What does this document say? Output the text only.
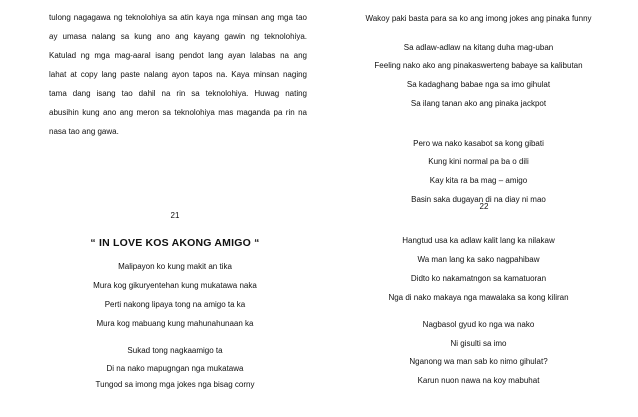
tulong nagagawa ng teknolohiya sa atin kaya nga minsan ang mga tao
ay umasa nalang sa kung ano ang kayang gawin ng teknolohiya.
Katulad ng mga mag-aaral isang pendot lang ayan lalabas na ang
lahat at copy lang paste nalang ayon tapos na. Kaya minsan naging
tama dang isang tao dahil na rin sa teknolohiya. Huwag nating
abusihin kung ano ang meron sa teknolohiya mas maganda pa rin na
nasa tao ang gawa.
21
“ IN LOVE KOS AKONG AMIGO “
Malipayon ko kung makit an tika
Mura kog gikuryentehan kung mukatawa naka
Perti nakong lipaya tong na amigo ta ka
Mura kog mabuang kung mahunahunaan ka
Sukad tong nagkaamigo ta
Di na nako mapugngan nga mukatawa
Tungod sa imong mga jokes nga bisag corny
Wakoy paki basta para sa ko ang imong jokes ang pinaka funny
Sa adlaw-adlaw na kitang duha mag-uban
Feeling nako ako ang pinakaswerteng babaye sa kalibutan
Sa kadaghang babae nga sa imo gihulat
Sa ilang tanan ako ang pinaka jackpot
Pero wa nako kasabot sa kong gibati
Kung kini normal pa ba o dili
Kay kita ra ba mag – amigo
Basin saka dugayan di na diay ni mao
22
Hangtud usa ka adlaw kalit lang ka nilakaw
Wa man lang ka sako nagpahibaw
Didto ko nakamatngon sa kamatuoran
Nga di nako makaya nga mawalaka sa kong kiliran
Nagbasol gyud ko nga wa nako
Ni gisulti sa imo
Nganong wa man sab ko nimo gihulat?
Karun nuon nawa na koy mabuhat
